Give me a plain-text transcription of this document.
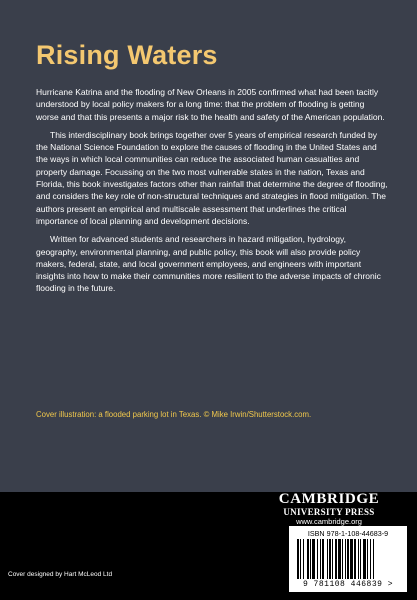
Rising Waters

Hurricane Katrina and the flooding of New Orleans in 2005 confirmed what had been tacitly understood by local policy makers for a long time: that the problem of flooding is getting worse and that this presents a major risk to the health and safety of the American population.

This interdisciplinary book brings together over 5 years of empirical research funded by the National Science Foundation to explore the causes of flooding in the United States and the ways in which local communities can reduce the associated human casualties and property damage. Focussing on the two most vulnerable states in the nation, Texas and Florida, this book investigates factors other than rainfall that determine the degree of flooding, and considers the key role of non-structural techniques and strategies in flood mitigation. The authors present an empirical and multiscale assessment that underlines the critical importance of local planning and development decisions.

Written for advanced students and researchers in hazard mitigation, hydrology, geography, environmental planning, and public policy, this book will also provide policy makers, federal, state, and local government employees, and engineers with important insights into how to make their communities more resilient to the adverse impacts of chronic flooding in the future.

Cover illustration: a flooded parking lot in Texas. © Mike Irwin/Shutterstock.com.
CAMBRIDGE
UNIVERSITY PRESS
www.cambridge.org
ISBN 978-1-108-44683-9
9 781108 446839 >
Cover designed by Hart McLeod Ltd
